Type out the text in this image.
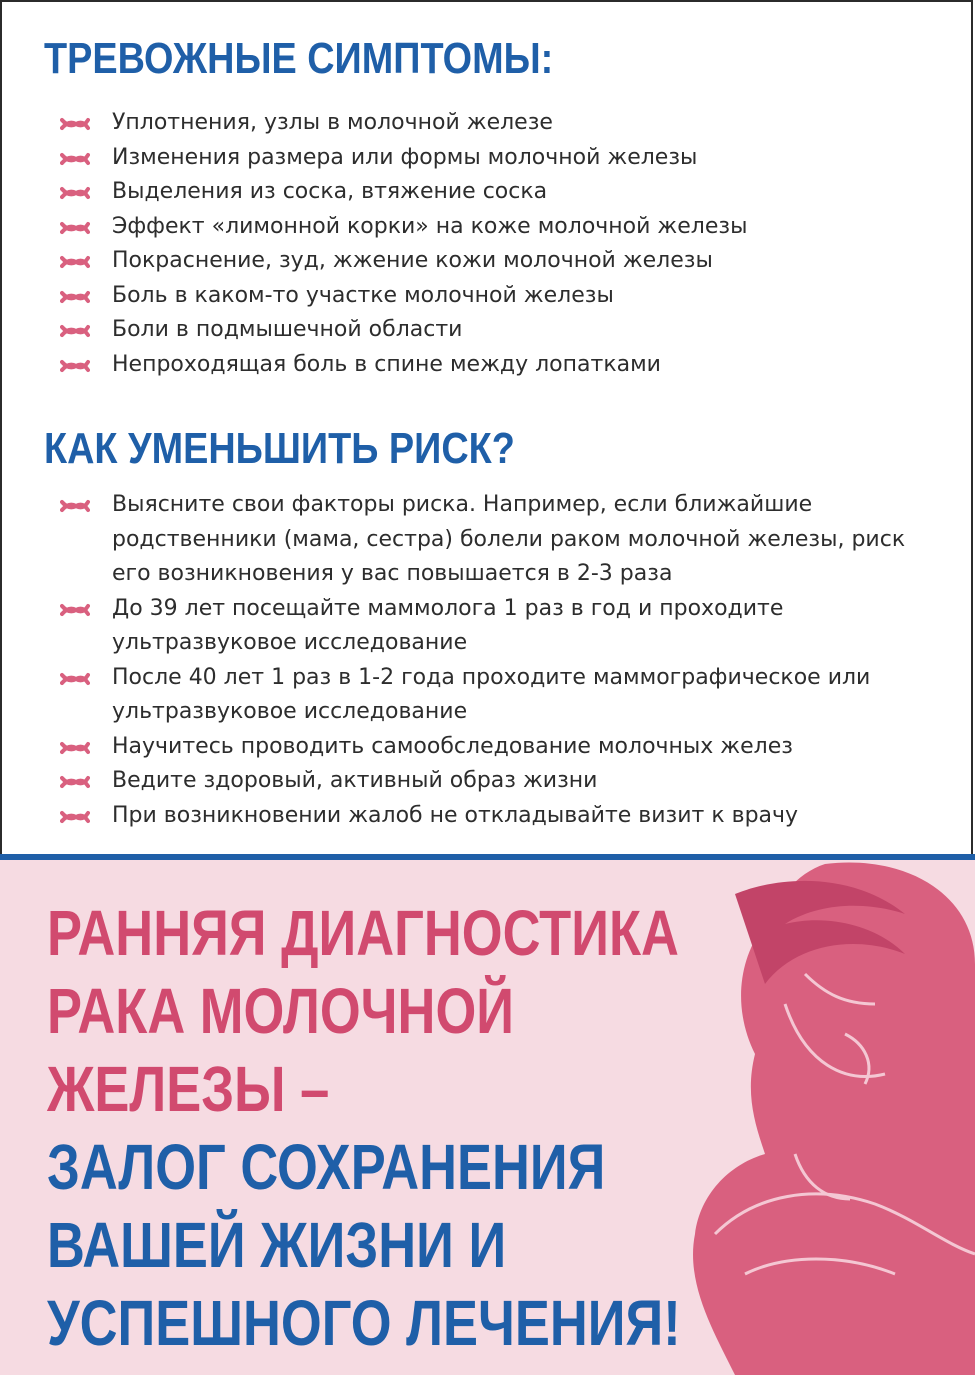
ТРЕВОЖНЫЕ СИМПТОМЫ:
Уплотнения, узлы в молочной железе
Изменения размера или формы молочной железы
Выделения из соска, втяжение соска
Эффект «лимонной корки» на коже молочной железы
Покраснение, зуд, жжение кожи молочной железы
Боль в каком-то участке молочной железы
Боли в подмышечной области
Непроходящая боль в спине между лопатками
КАК УМЕНЬШИТЬ РИСК?
Выясните свои факторы риска. Например, если ближайшие родственники (мама, сестра) болели раком молочной железы, риск его возникновения у вас повышается в 2-3 раза
До 39 лет посещайте маммолога 1 раз в год и проходите ультразвуковое исследование
После 40 лет 1 раз в 1-2 года проходите маммографическое или ультразвуковое исследование
Научитесь проводить самообследование молочных желез
Ведите здоровый, активный образ жизни
При возникновении жалоб не откладывайте визит к врачу
РАННЯЯ ДИАГНОСТИКА
РАКА МОЛОЧНОЙ
ЖЕЛЕЗЫ –
ЗАЛОГ СОХРАНЕНИЯ
ВАШЕЙ ЖИЗНИ И
УСПЕШНОГО ЛЕЧЕНИЯ!
